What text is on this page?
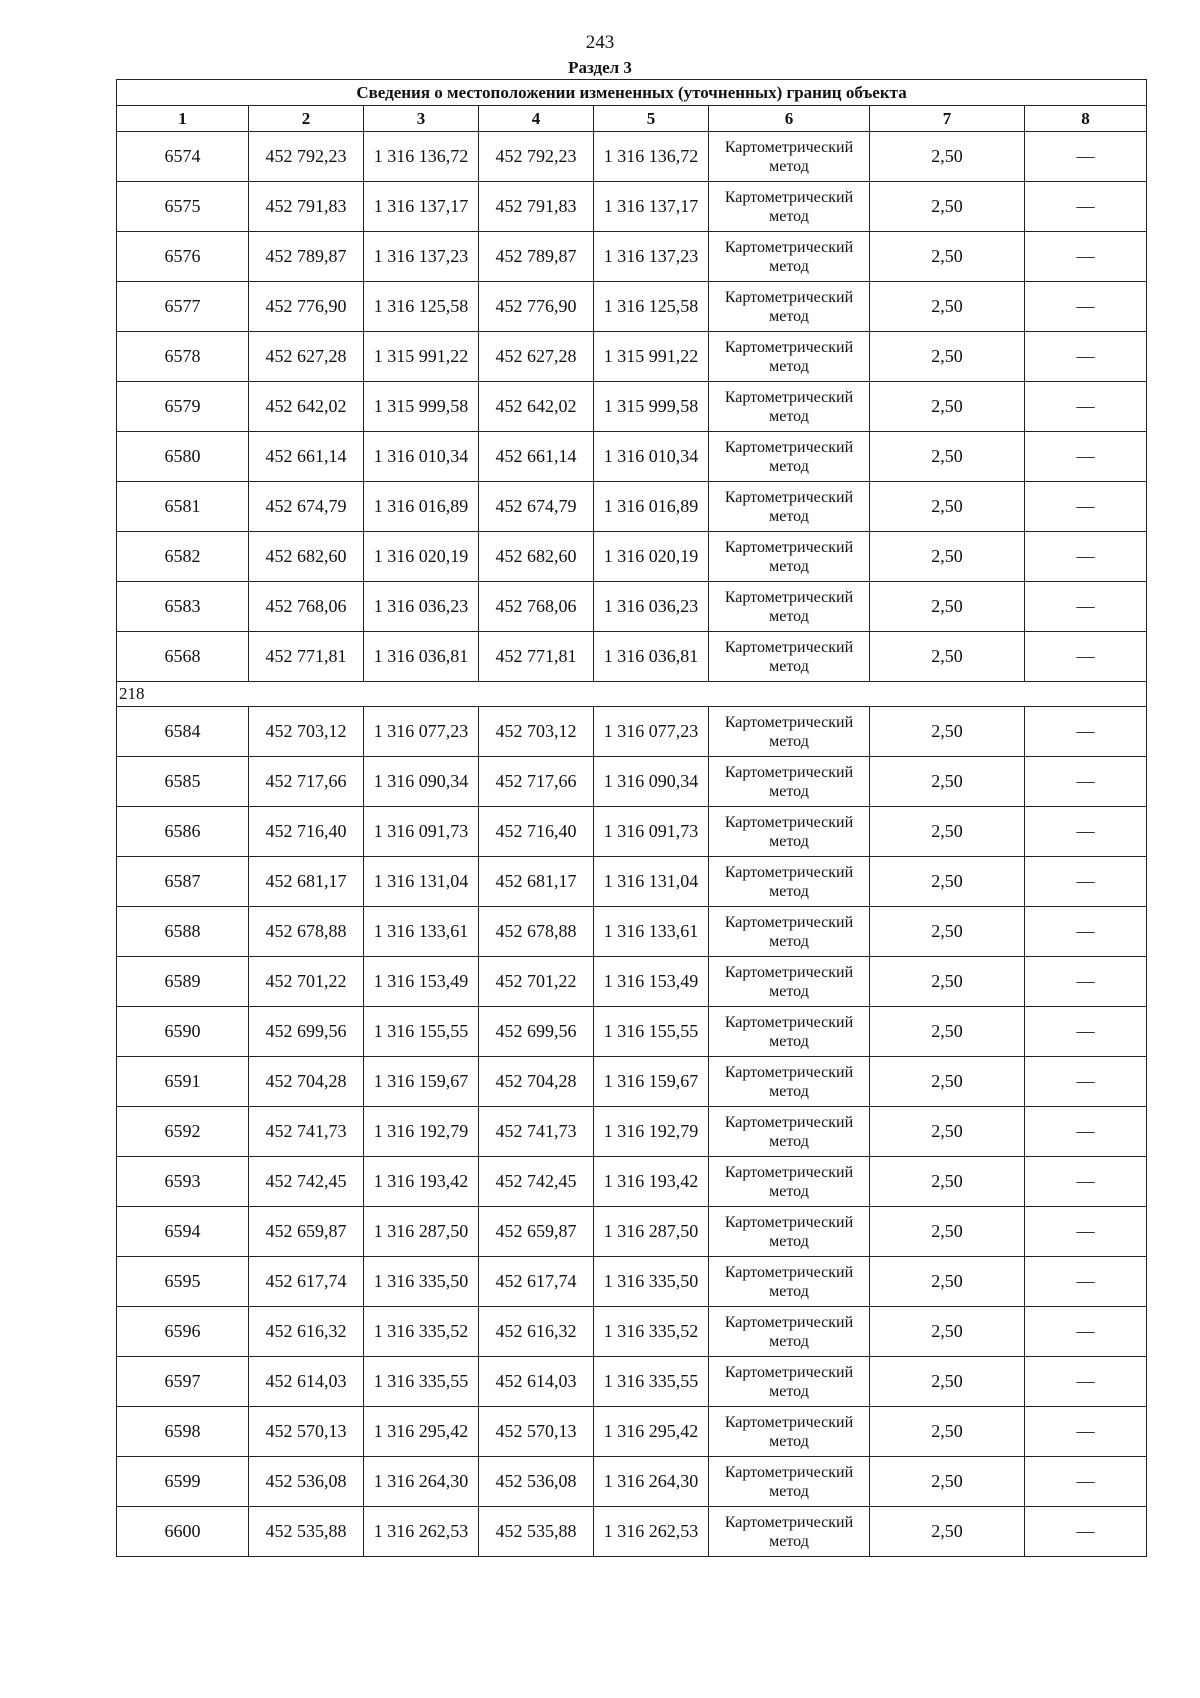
243
Раздел 3
Сведения о местоположении измененных (уточненных) границ объекта							
1	2	3	4	5	6	7	8
6574	452 792,23	1 316 136,72	452 792,23	1 316 136,72	Картометрический метод	2,50	—
6575	452 791,83	1 316 137,17	452 791,83	1 316 137,17	Картометрический метод	2,50	—
6576	452 789,87	1 316 137,23	452 789,87	1 316 137,23	Картометрический метод	2,50	—
6577	452 776,90	1 316 125,58	452 776,90	1 316 125,58	Картометрический метод	2,50	—
6578	452 627,28	1 315 991,22	452 627,28	1 315 991,22	Картометрический метод	2,50	—
6579	452 642,02	1 315 999,58	452 642,02	1 315 999,58	Картометрический метод	2,50	—
6580	452 661,14	1 316 010,34	452 661,14	1 316 010,34	Картометрический метод	2,50	—
6581	452 674,79	1 316 016,89	452 674,79	1 316 016,89	Картометрический метод	2,50	—
6582	452 682,60	1 316 020,19	452 682,60	1 316 020,19	Картометрический метод	2,50	—
6583	452 768,06	1 316 036,23	452 768,06	1 316 036,23	Картометрический метод	2,50	—
6568	452 771,81	1 316 036,81	452 771,81	1 316 036,81	Картометрический метод	2,50	—
218							
6584	452 703,12	1 316 077,23	452 703,12	1 316 077,23	Картометрический метод	2,50	—
6585	452 717,66	1 316 090,34	452 717,66	1 316 090,34	Картометрический метод	2,50	—
6586	452 716,40	1 316 091,73	452 716,40	1 316 091,73	Картометрический метод	2,50	—
6587	452 681,17	1 316 131,04	452 681,17	1 316 131,04	Картометрический метод	2,50	—
6588	452 678,88	1 316 133,61	452 678,88	1 316 133,61	Картометрический метод	2,50	—
6589	452 701,22	1 316 153,49	452 701,22	1 316 153,49	Картометрический метод	2,50	—
6590	452 699,56	1 316 155,55	452 699,56	1 316 155,55	Картометрический метод	2,50	—
6591	452 704,28	1 316 159,67	452 704,28	1 316 159,67	Картометрический метод	2,50	—
6592	452 741,73	1 316 192,79	452 741,73	1 316 192,79	Картометрический метод	2,50	—
6593	452 742,45	1 316 193,42	452 742,45	1 316 193,42	Картометрический метод	2,50	—
6594	452 659,87	1 316 287,50	452 659,87	1 316 287,50	Картометрический метод	2,50	—
6595	452 617,74	1 316 335,50	452 617,74	1 316 335,50	Картометрический метод	2,50	—
6596	452 616,32	1 316 335,52	452 616,32	1 316 335,52	Картометрический метод	2,50	—
6597	452 614,03	1 316 335,55	452 614,03	1 316 335,55	Картометрический метод	2,50	—
6598	452 570,13	1 316 295,42	452 570,13	1 316 295,42	Картометрический метод	2,50	—
6599	452 536,08	1 316 264,30	452 536,08	1 316 264,30	Картометрический метод	2,50	—
6600	452 535,88	1 316 262,53	452 535,88	1 316 262,53	Картометрический метод	2,50	—
